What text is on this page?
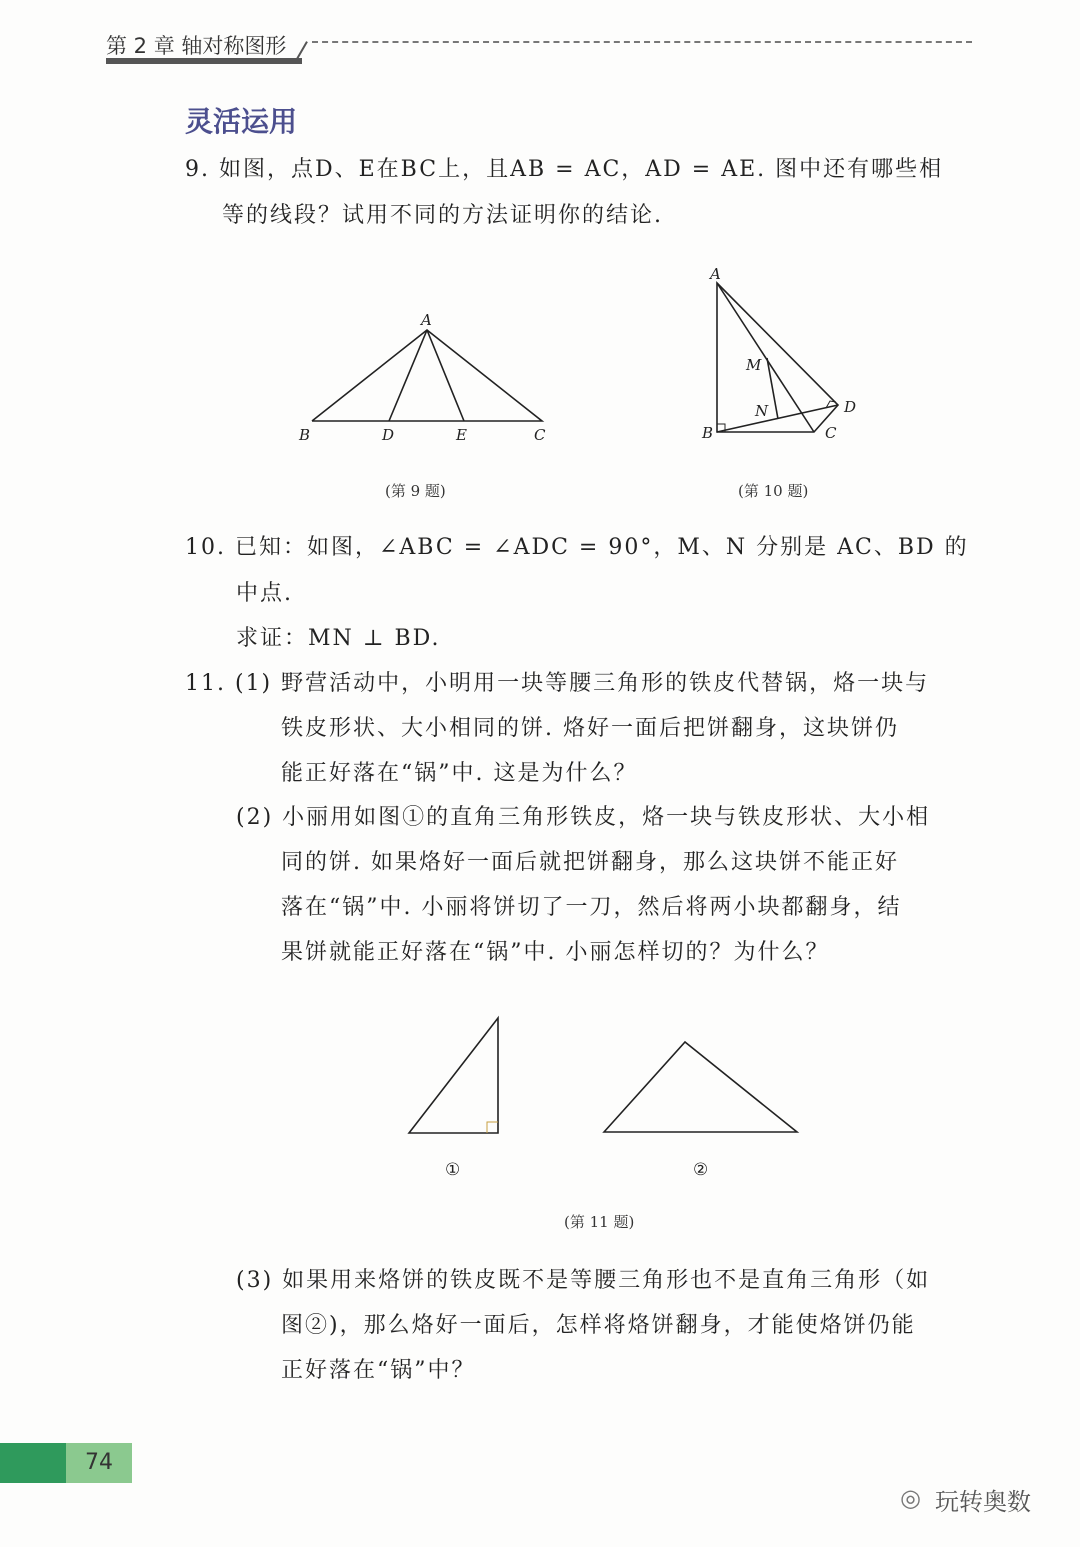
第 2 章 轴对称图形
灵活运用
9. 如图，点D、E在BC上，且AB = AC，AD = AE. 图中还有哪些相
等的线段？试用不同的方法证明你的结论.
A
B	D	E	C
A
B	C
D
M
N
(第 9 题)	(第 10 题)
10. 已知：如图，∠ABC = ∠ADC = 90°，M、N 分别是 AC、BD 的
中点.
求证：MN ⊥ BD.
11. (1) 野营活动中，小明用一块等腰三角形的铁皮代替锅，烙一块与
铁皮形状、大小相同的饼. 烙好一面后把饼翻身，这块饼仍
能正好落在“锅”中. 这是为什么？
(2) 小丽用如图①的直角三角形铁皮，烙一块与铁皮形状、大小相
同的饼. 如果烙好一面后就把饼翻身，那么这块饼不能正好
落在“锅”中. 小丽将饼切了一刀，然后将两小块都翻身，结
果饼就能正好落在“锅”中. 小丽怎样切的？为什么？
①	②
(第 11 题)
(3) 如果用来烙饼的铁皮既不是等腰三角形也不是直角三角形（如
图②)，那么烙好一面后，怎样将烙饼翻身，才能使烙饼仍能
正好落在“锅”中？
74
◎ 玩转奥数
